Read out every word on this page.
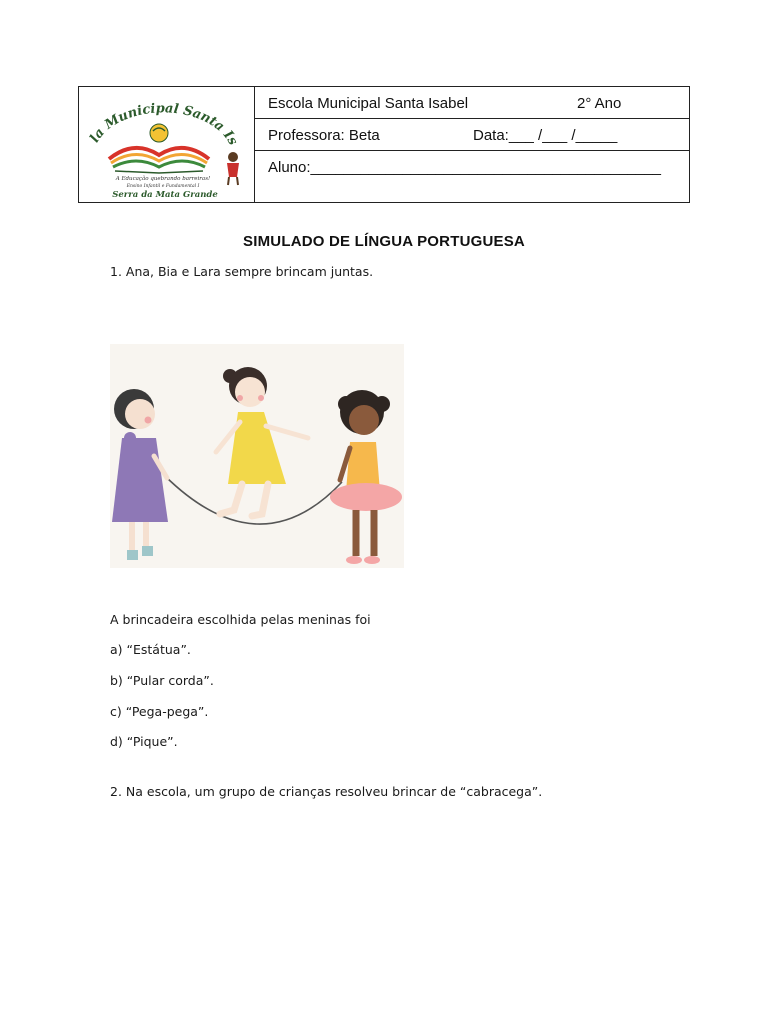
la Municipal Santa Is
A Educação quebrando barreiras!
Ensino Infantil e Fundamental I
Serra da Mata Grande
Escola Municipal Santa Isabel	2° Ano
Professora: Beta	Data:___ /___ /_____
Aluno:__________________________________________
SIMULADO DE LÍNGUA PORTUGUESA
1. Ana, Bia e Lara sempre brincam juntas.
A brincadeira escolhida pelas meninas foi
a) “Estátua”.
b) “Pular corda”.
c) “Pega-pega”.
d) “Pique”.
2. Na escola, um grupo de crianças resolveu brincar de “cabracega”.
